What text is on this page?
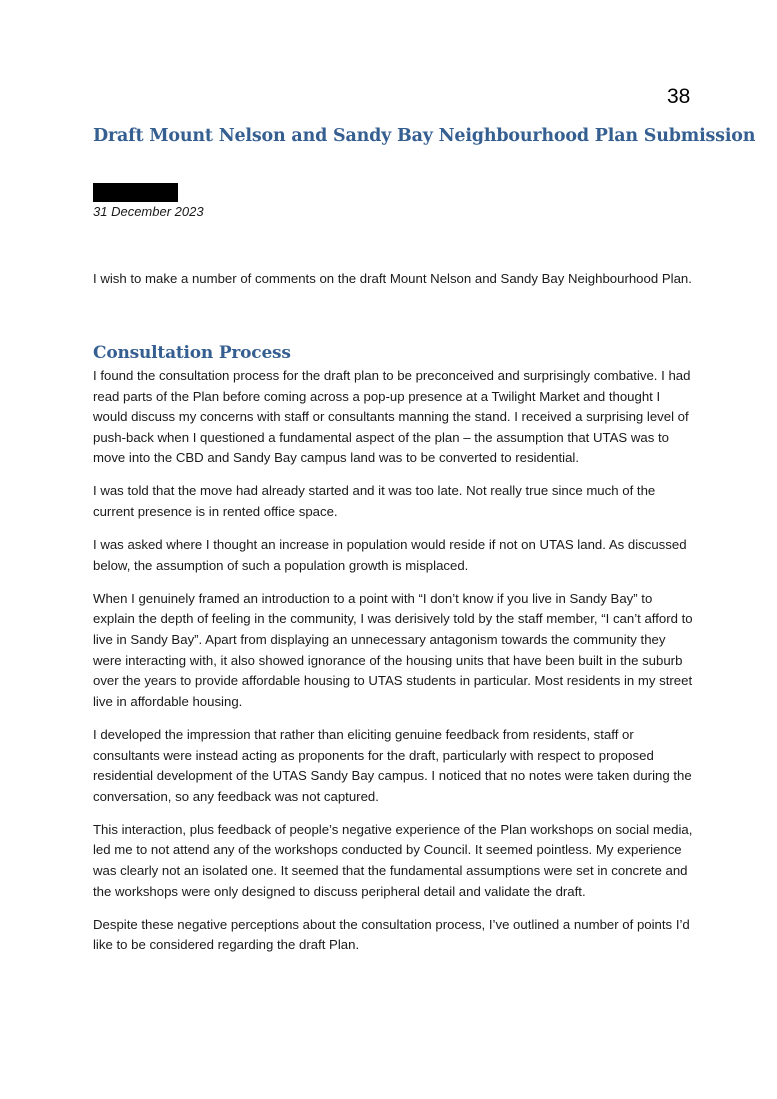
38
Draft Mount Nelson and Sandy Bay Neighbourhood Plan Submission
31 December 2023

I wish to make a number of comments on the draft Mount Nelson and Sandy Bay Neighbourhood Plan.

Consultation Process

I found the consultation process for the draft plan to be preconceived and surprisingly combative. I had read parts of the Plan before coming across a pop-up presence at a Twilight Market and thought I would discuss my concerns with staff or consultants manning the stand. I received a surprising level of push-back when I questioned a fundamental aspect of the plan – the assumption that UTAS was to move into the CBD and Sandy Bay campus land was to be converted to residential.

I was told that the move had already started and it was too late. Not really true since much of the current presence is in rented office space.

I was asked where I thought an increase in population would reside if not on UTAS land. As discussed below, the assumption of such a population growth is misplaced.

When I genuinely framed an introduction to a point with “I don’t know if you live in Sandy Bay” to explain the depth of feeling in the community, I was derisively told by the staff member, “I can’t afford to live in Sandy Bay”. Apart from displaying an unnecessary antagonism towards the community they were interacting with, it also showed ignorance of the housing units that have been built in the suburb over the years to provide affordable housing to UTAS students in particular. Most residents in my street live in affordable housing.

I developed the impression that rather than eliciting genuine feedback from residents, staff or consultants were instead acting as proponents for the draft, particularly with respect to proposed residential development of the UTAS Sandy Bay campus. I noticed that no notes were taken during the conversation, so any feedback was not captured.

This interaction, plus feedback of people’s negative experience of the Plan workshops on social media, led me to not attend any of the workshops conducted by Council. It seemed pointless. My experience was clearly not an isolated one. It seemed that the fundamental assumptions were set in concrete and the workshops were only designed to discuss peripheral detail and validate the draft.

Despite these negative perceptions about the consultation process, I’ve outlined a number of points I’d like to be considered regarding the draft Plan.
